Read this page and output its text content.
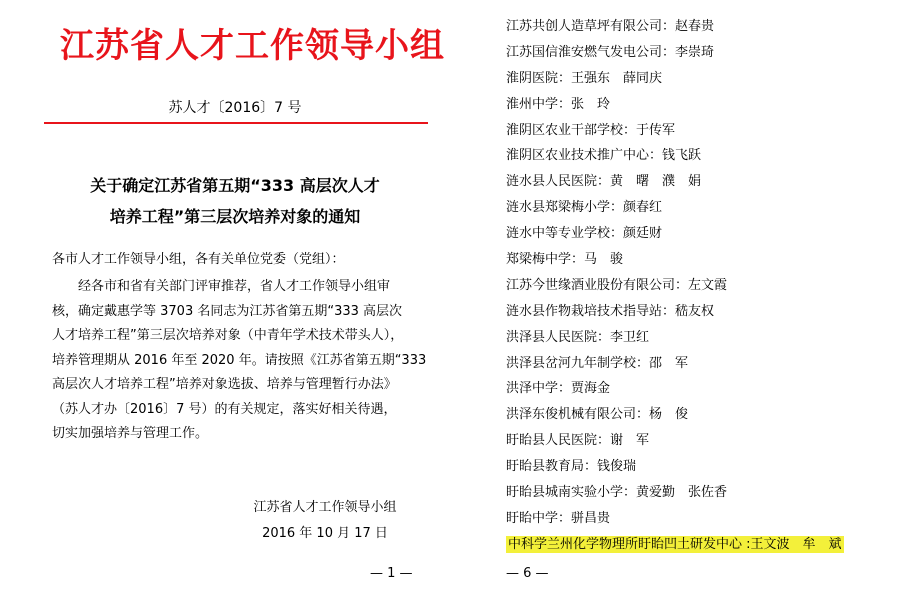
江苏省人才工作领导小组
苏人才〔2016〕7 号
关于确定江苏省第五期“333 高层次人才
培养工程”第三层次培养对象的通知
各市人才工作领导小组，各有关单位党委（党组）：
经各市和省有关部门评审推荐，省人才工作领导小组审
核，确定戴惠学等 3703 名同志为江苏省第五期“333 高层次
人才培养工程”第三层次培养对象（中青年学术技术带头人），
培养管理期从 2016 年至 2020 年。请按照《江苏省第五期“333
高层次人才培养工程”培养对象选拔、培养与管理暂行办法》
（苏人才办〔2016〕7 号）的有关规定，落实好相关待遇，
切实加强培养与管理工作。
江苏省人才工作领导小组
2016 年 10 月 17 日
— 1 —
江苏共创人造草坪有限公司：赵春贵
江苏国信淮安燃气发电公司：李崇琦
淮阴医院：王强东　薛同庆
淮州中学：张　玲
淮阴区农业干部学校：于传军
淮阴区农业技术推广中心：钱飞跃
涟水县人民医院：黄　曙　濮　娟
涟水县郑梁梅小学：颜春红
涟水中等专业学校：颜廷财
郑梁梅中学：马　骏
江苏今世缘酒业股份有限公司：左文霞
涟水县作物栽培技术指导站：嵇友权
洪泽县人民医院：李卫红
洪泽县岔河九年制学校：邵　军
洪泽中学：贾海金
洪泽东俊机械有限公司：杨　俊
盱眙县人民医院：谢　军
盱眙县教育局：钱俊瑞
盱眙县城南实验小学：黄爱勤　张佐香
盱眙中学：骈昌贵
中科学兰州化学物理所盱眙凹土研发中心 :王文波　牟　斌
— 6 —
